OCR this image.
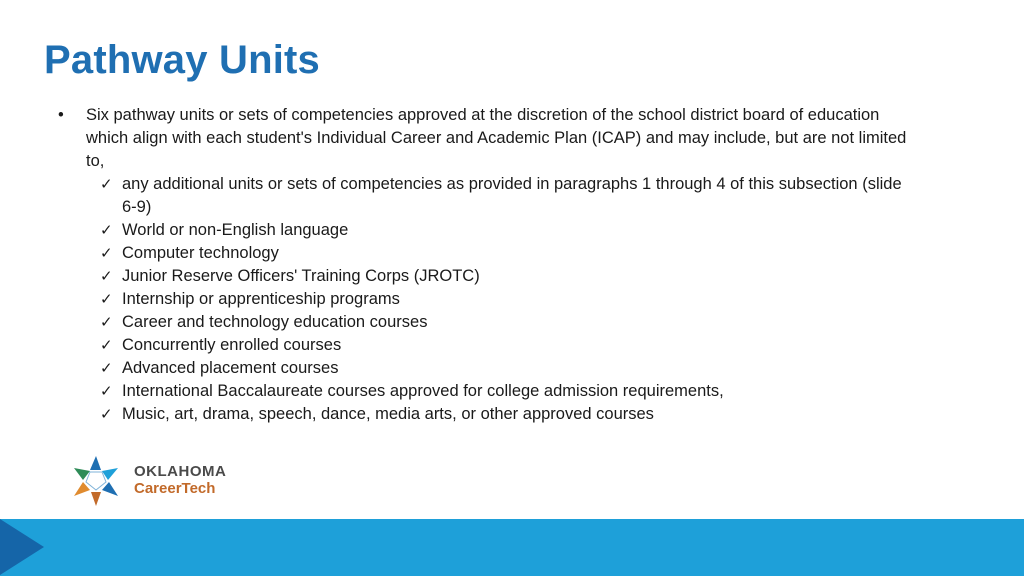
Pathway Units
•	Six pathway units or sets of competencies approved at the discretion of the school district board of education which align with each student's Individual Career and Academic Plan (ICAP) and may include, but are not limited to,
✓ any additional units or sets of competencies as provided in paragraphs 1 through 4 of this subsection (slide 6-9)
✓ World or non-English language
✓ Computer technology
✓ Junior Reserve Officers' Training Corps (JROTC)
✓ Internship or apprenticeship programs
✓ Career and technology education courses
✓ Concurrently enrolled courses
✓ Advanced placement courses
✓ International Baccalaureate courses approved for college admission requirements,
✓ Music, art, drama, speech, dance, media arts, or other approved courses
OKLAHOMA
CareerTech
